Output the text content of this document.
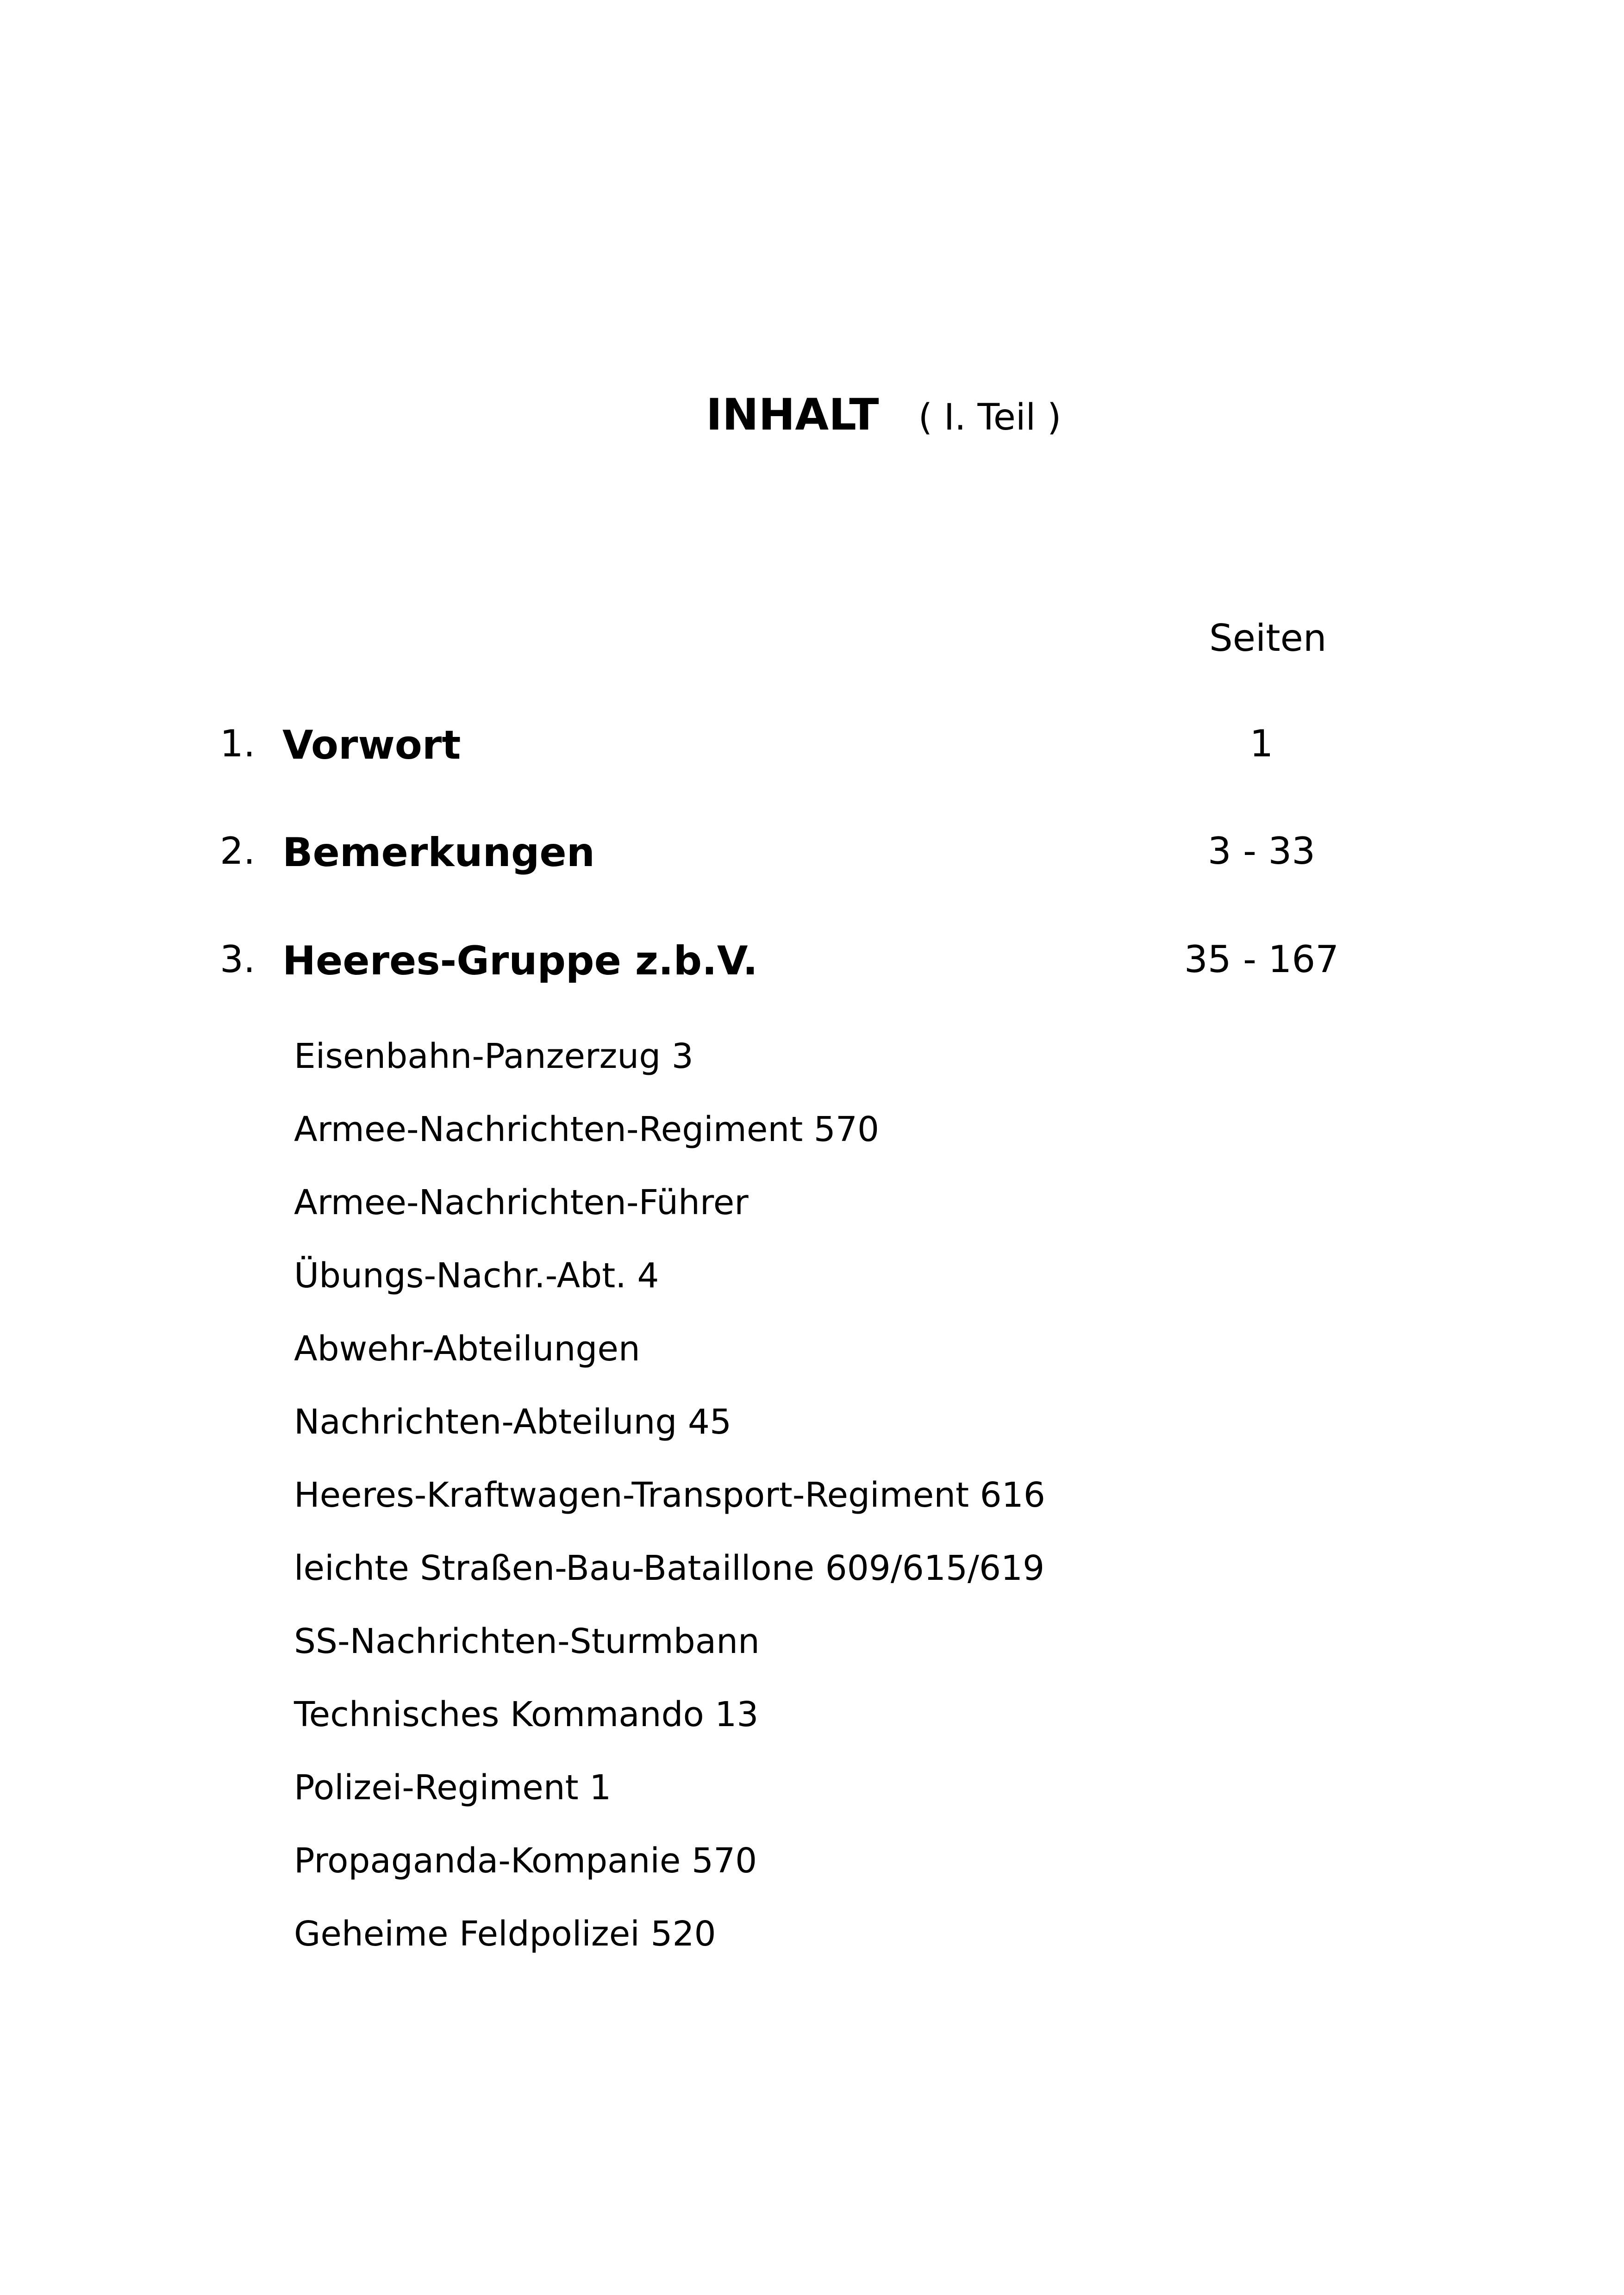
INHALT ( I. Teil )
Seiten
1. Vorwort	1
2. Bemerkungen	3 - 33
3. Heeres-Gruppe z.b.V.	35 - 167
Eisenbahn-Panzerzug 3
Armee-Nachrichten-Regiment 570
Armee-Nachrichten-Führer
Übungs-Nachr.-Abt. 4
Abwehr-Abteilungen
Nachrichten-Abteilung 45
Heeres-Kraftwagen-Transport-Regiment 616
leichte Straßen-Bau-Bataillone 609/615/619
SS-Nachrichten-Sturmbann
Technisches Kommando 13
Polizei-Regiment 1
Propaganda-Kompanie 570
Geheime Feldpolizei 520
